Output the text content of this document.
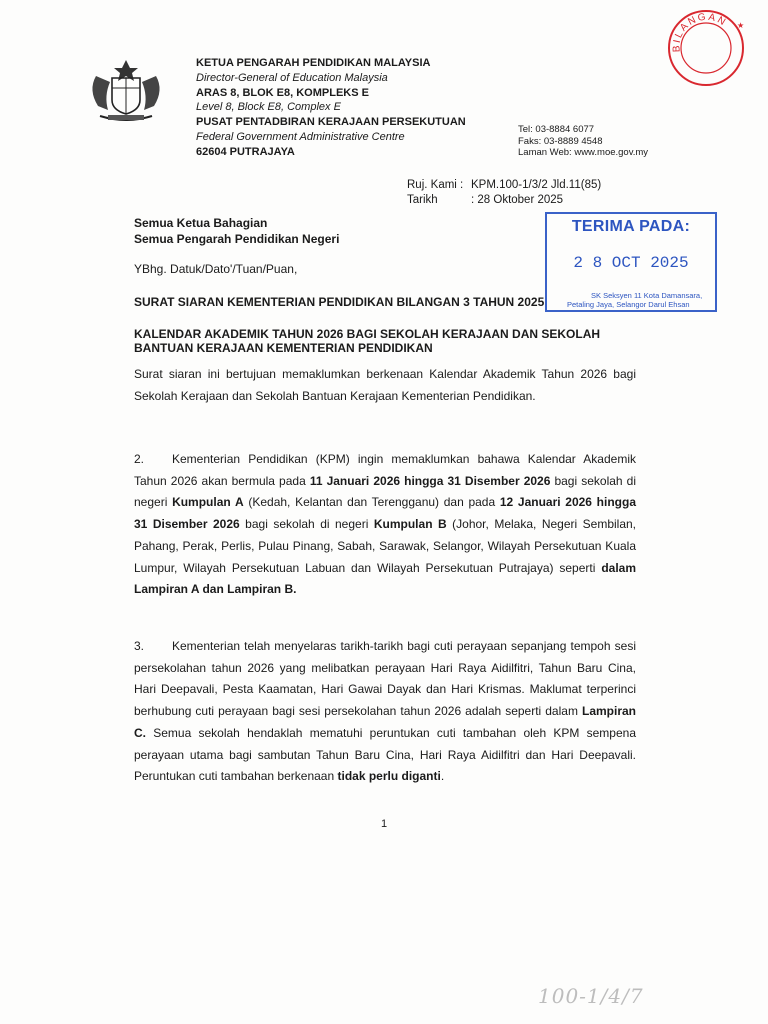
KETUA PENGARAH PENDIDIKAN MALAYSIA
Director-General of Education Malaysia
ARAS 8, BLOK E8, KOMPLEKS E
Level 8, Block E8, Complex E
PUSAT PENTADBIRAN KERAJAAN PERSEKUTUAN
Federal Government Administrative Centre
62604 PUTRAJAYA
Tel: 03-8884 6077
Faks: 03-8889 4548
Laman Web: www.moe.gov.my
BILANGAN ★
Ruj. Kami : KPM.100-1/3/2 Jld.11(85)
Tarikh	: 28 Oktober 2025
TERIMA PADA:
2 8 OCT 2025
SK Seksyen 11 Kota Damansara,
Petaling Jaya, Selangor Darul Ehsan
Semua Ketua Bahagian
Semua Pengarah Pendidikan Negeri
YBhg. Datuk/Dato'/Tuan/Puan,
SURAT SIARAN KEMENTERIAN PENDIDIKAN BILANGAN 3 TAHUN 2025
KALENDAR AKADEMIK TAHUN 2026 BAGI SEKOLAH KERAJAAN DAN SEKOLAH BANTUAN KERAJAAN KEMENTERIAN PENDIDIKAN
Surat siaran ini bertujuan memaklumkan berkenaan Kalendar Akademik Tahun 2026 bagi Sekolah Kerajaan dan Sekolah Bantuan Kerajaan Kementerian Pendidikan.
2. Kementerian Pendidikan (KPM) ingin memaklumkan bahawa Kalendar Akademik Tahun 2026 akan bermula pada 11 Januari 2026 hingga 31 Disember 2026 bagi sekolah di negeri Kumpulan A (Kedah, Kelantan dan Terengganu) dan pada 12 Januari 2026 hingga 31 Disember 2026 bagi sekolah di negeri Kumpulan B (Johor, Melaka, Negeri Sembilan, Pahang, Perak, Perlis, Pulau Pinang, Sabah, Sarawak, Selangor, Wilayah Persekutuan Kuala Lumpur, Wilayah Persekutuan Labuan dan Wilayah Persekutuan Putrajaya) seperti dalam Lampiran A dan Lampiran B.
3. Kementerian telah menyelaras tarikh-tarikh bagi cuti perayaan sepanjang tempoh sesi persekolahan tahun 2026 yang melibatkan perayaan Hari Raya Aidilfitri, Tahun Baru Cina, Hari Deepavali, Pesta Kaamatan, Hari Gawai Dayak dan Hari Krismas. Maklumat terperinci berhubung cuti perayaan bagi sesi persekolahan tahun 2026 adalah seperti dalam Lampiran C. Semua sekolah hendaklah mematuhi peruntukan cuti tambahan oleh KPM sempena perayaan utama bagi sambutan Tahun Baru Cina, Hari Raya Aidilfitri dan Hari Deepavali. Peruntukan cuti tambahan berkenaan tidak perlu diganti.
1
100-1/4/7
